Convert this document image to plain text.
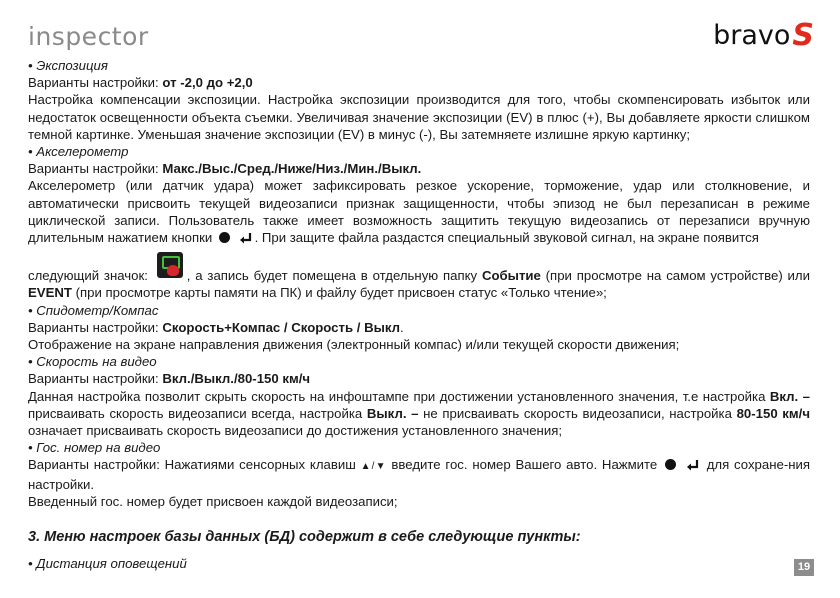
inspector	bravo S

• Экспозиция

Варианты настройки: от -2,0 до +2,0

Настройка компенсации экспозиции. Настройка экспозиции производится для того, чтобы скомпенсировать избыток или недостаток освещенности объекта съемки. Увеличивая значение экспозиции (EV) в плюс (+), Вы добавляете яркости слишком темной картинке. Уменьшая значение экспозиции (EV) в минус (-), Вы затемняете излишне яркую картинку;

• Акселерометр

Варианты настройки: Макс./Выс./Сред./Ниже/Низ./Мин./Выкл.

Акселерометр (или датчик удара) может зафиксировать резкое ускорение, торможение, удар или столкновение, и автоматически присвоить текущей видеозаписи признак защищенности, чтобы эпизод не был перезаписан в режиме циклической записи. Пользователь также имеет возможность защитить текущую видеозапись от перезаписи вручную длительным нажатием кнопки	. При защите файла раздастся специальный звуковой сигнал, на экране появится

следующий значок:	, а запись будет помещена в отдельную папку Событие (при просмотре на самом устройстве) или EVENT (при просмотре карты памяти на ПК) и файлу будет присвоен статус «Только чтение»;

• Спидометр/Компас

Варианты настройки: Скорость+Компас / Скорость / Выкл.

Отображение на экране направления движения (электронный компас) и/или текущей скорости движения;

• Скорость на видео

Варианты настройки: Вкл./Выкл./80-150 км/ч

Данная настройка позволит скрыть скорость на инфоштампе при достижении установленного значения, т.е настройка Вкл. – присваивать скорость видеозаписи всегда, настройка Выкл. – не присваивать скорость видеозаписи, настройка 80-150 км/ч означает присваивать скорость видеозаписи до достижения установленного значения;

• Гос. номер на видео

Варианты настройки: Нажатиями сенсорных клавиш ▲/▼ введите гос. номер Вашего авто. Нажмите	для сохране-ния настройки.

Введенный гос. номер будет присвоен каждой видеозаписи;

3. Меню настроек базы данных (БД) содержит в себе следующие пункты:

• Дистанция оповещений	19
